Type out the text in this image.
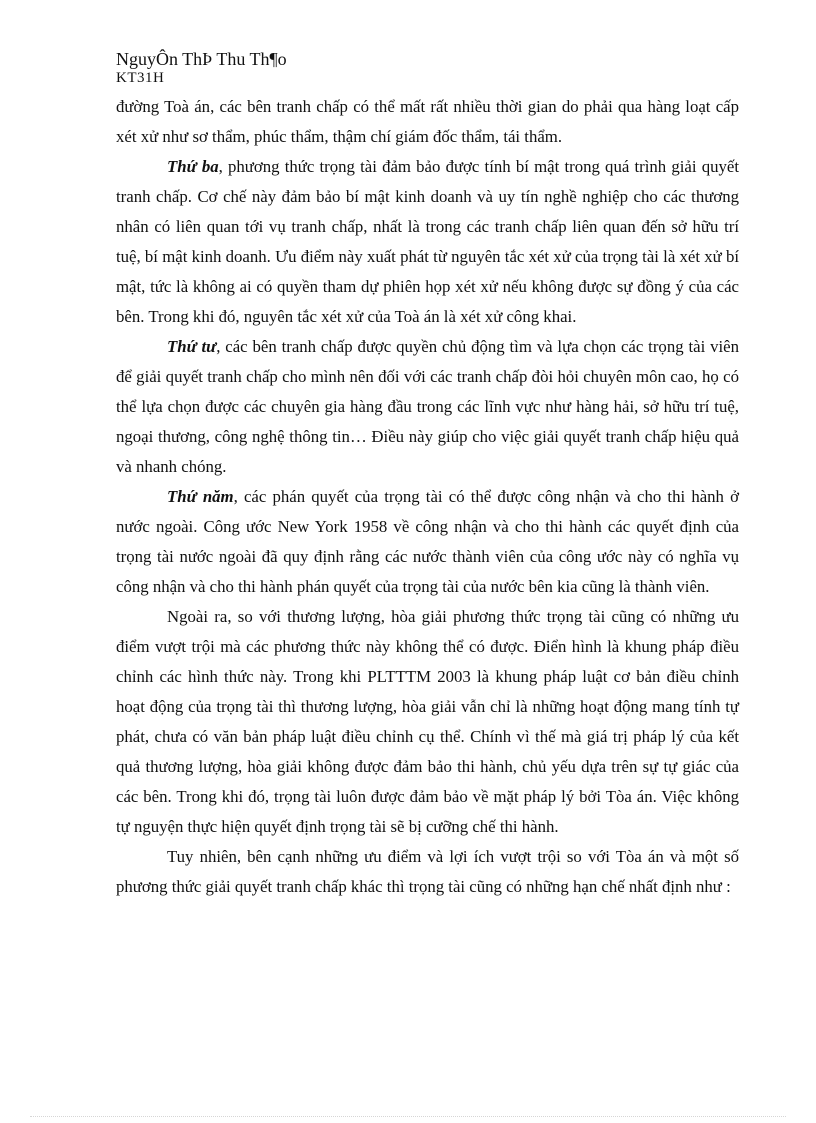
NguyÔn ThÞ Thu Th¶o
KT31H

đường Toà án, các bên tranh chấp có thể mất rất nhiều thời gian do phải qua hàng loạt cấp xét xử như sơ thẩm, phúc thẩm, thậm chí giám đốc thẩm, tái thẩm.

Thứ ba, phương thức trọng tài đảm bảo được tính bí mật trong quá trình giải quyết tranh chấp. Cơ chế này đảm bảo bí mật kinh doanh và uy tín nghề nghiệp cho các thương nhân có liên quan tới vụ tranh chấp, nhất là trong các tranh chấp liên quan đến sở hữu trí tuệ, bí mật kinh doanh. Ưu điểm này xuất phát từ nguyên tắc xét xử của trọng tài là xét xử bí mật, tức là không ai có quyền tham dự phiên họp xét xử nếu không được sự đồng ý của các bên. Trong khi đó, nguyên tắc xét xử của Toà án là xét xử công khai.

Thứ tư, các bên tranh chấp được quyền chủ động tìm và lựa chọn các trọng tài viên để giải quyết tranh chấp cho mình nên đối với các tranh chấp đòi hỏi chuyên môn cao, họ có thể lựa chọn được các chuyên gia hàng đầu trong các lĩnh vực như hàng hải, sở hữu trí tuệ, ngoại thương, công nghệ thông tin… Điều này giúp cho việc giải quyết tranh chấp hiệu quả và nhanh chóng.

Thứ năm, các phán quyết của trọng tài có thể được công nhận và cho thi hành ở nước ngoài. Công ước New York 1958 về công nhận và cho thi hành các quyết định của trọng tài nước ngoài đã quy định rằng các nước thành viên của công ước này có nghĩa vụ công nhận và cho thi hành phán quyết của trọng tài của nước bên kia cũng là thành viên.

Ngoài ra, so với thương lượng, hòa giải phương thức trọng tài cũng có những ưu điểm vượt trội mà các phương thức này không thể có được. Điển hình là khung pháp điều chỉnh các hình thức này. Trong khi PLTTTM 2003 là khung pháp luật cơ bản điều chỉnh hoạt động của trọng tài thì thương lượng, hòa giải vẫn chỉ là những hoạt động mang tính tự phát, chưa có văn bản pháp luật điều chỉnh cụ thể. Chính vì thế mà giá trị pháp lý của kết quả thương lượng, hòa giải không được đảm bảo thi hành, chủ yếu dựa trên sự tự giác của các bên. Trong khi đó, trọng tài luôn được đảm bảo về mặt pháp lý bởi Tòa án. Việc không tự nguyện thực hiện quyết định trọng tài sẽ bị cưỡng chế thi hành.

Tuy nhiên, bên cạnh những ưu điểm và lợi ích vượt trội so với Tòa án và một số phương thức giải quyết tranh chấp khác thì trọng tài cũng có những hạn chế nhất định như :
